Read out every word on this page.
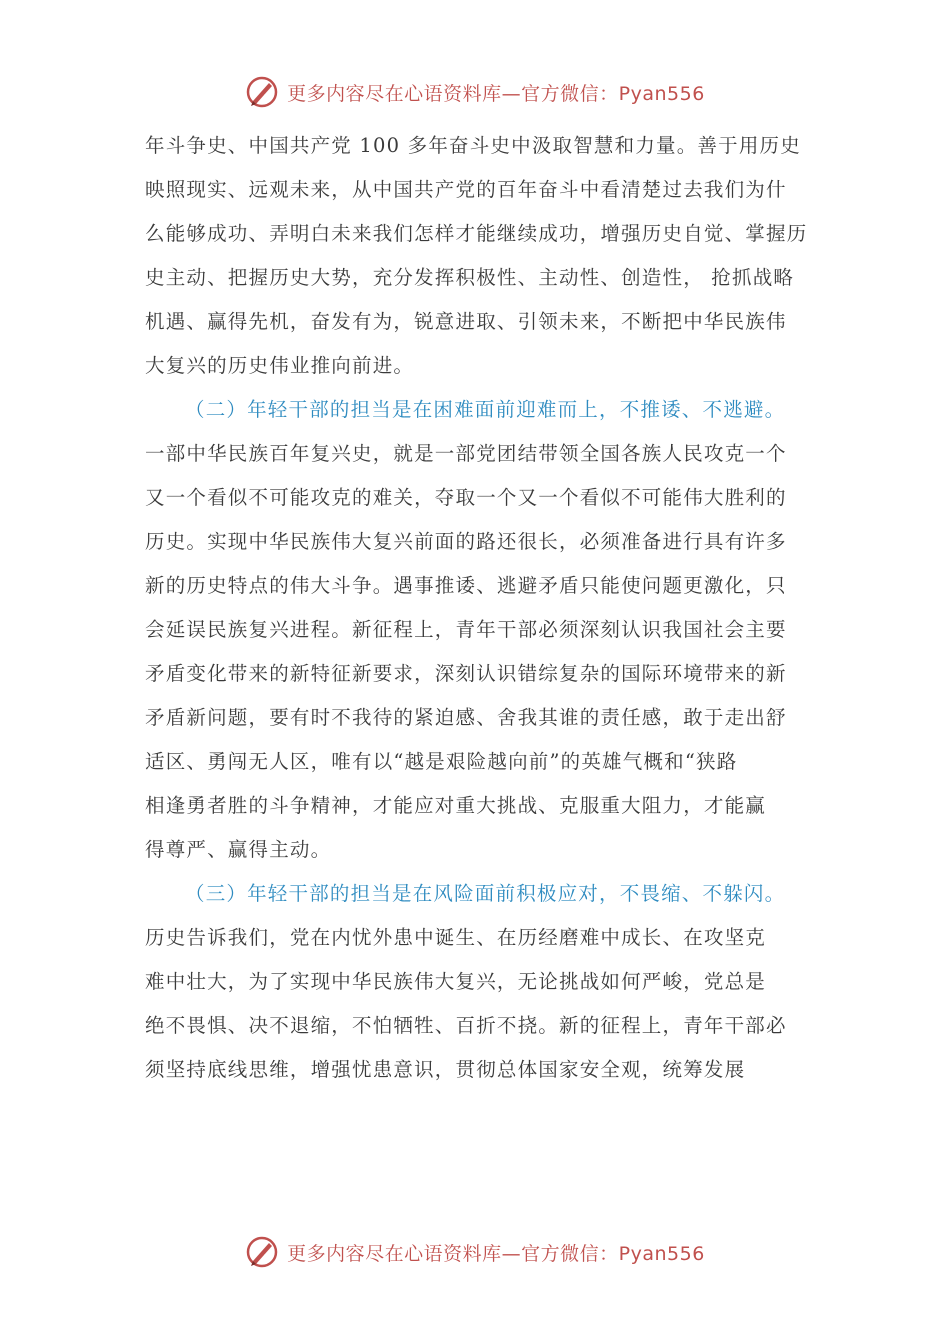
更多内容尽在心语资料库—官方微信：Pyan556
年斗争史、中国共产党 100 多年奋斗史中汲取智慧和力量。善于用历史
映照现实、远观未来，从中国共产党的百年奋斗中看清楚过去我们为什
么能够成功、弄明白未来我们怎样才能继续成功，增强历史自觉、掌握历
史主动、把握历史大势，充分发挥积极性、主动性、创造性， 抢抓战略
机遇、赢得先机，奋发有为，锐意进取、引领未来，不断把中华民族伟
大复兴的历史伟业推向前进。
（二）年轻干部的担当是在困难面前迎难而上，不推诿、不逃避。
一部中华民族百年复兴史，就是一部党团结带领全国各族人民攻克一个
又一个看似不可能攻克的难关，夺取一个又一个看似不可能伟大胜利的
历史。实现中华民族伟大复兴前面的路还很长，必须准备进行具有许多
新的历史特点的伟大斗争。遇事推诿、逃避矛盾只能使问题更激化，只
会延误民族复兴进程。新征程上，青年干部必须深刻认识我国社会主要
矛盾变化带来的新特征新要求，深刻认识错综复杂的国际环境带来的新
矛盾新问题，要有时不我待的紧迫感、舍我其谁的责任感，敢于走出舒
适区、勇闯无人区，唯有以“越是艰险越向前”的英雄气概和“狭路
相逢勇者胜的斗争精神，才能应对重大挑战、克服重大阻力，才能赢
得尊严、赢得主动。
（三）年轻干部的担当是在风险面前积极应对，不畏缩、不躲闪。
历史告诉我们，党在内忧外患中诞生、在历经磨难中成长、在攻坚克
难中壮大，为了实现中华民族伟大复兴，无论挑战如何严峻，党总是
绝不畏惧、决不退缩，不怕牺牲、百折不挠。新的征程上，青年干部必
须坚持底线思维，增强忧患意识，贯彻总体国家安全观，统筹发展
更多内容尽在心语资料库—官方微信：Pyan556
